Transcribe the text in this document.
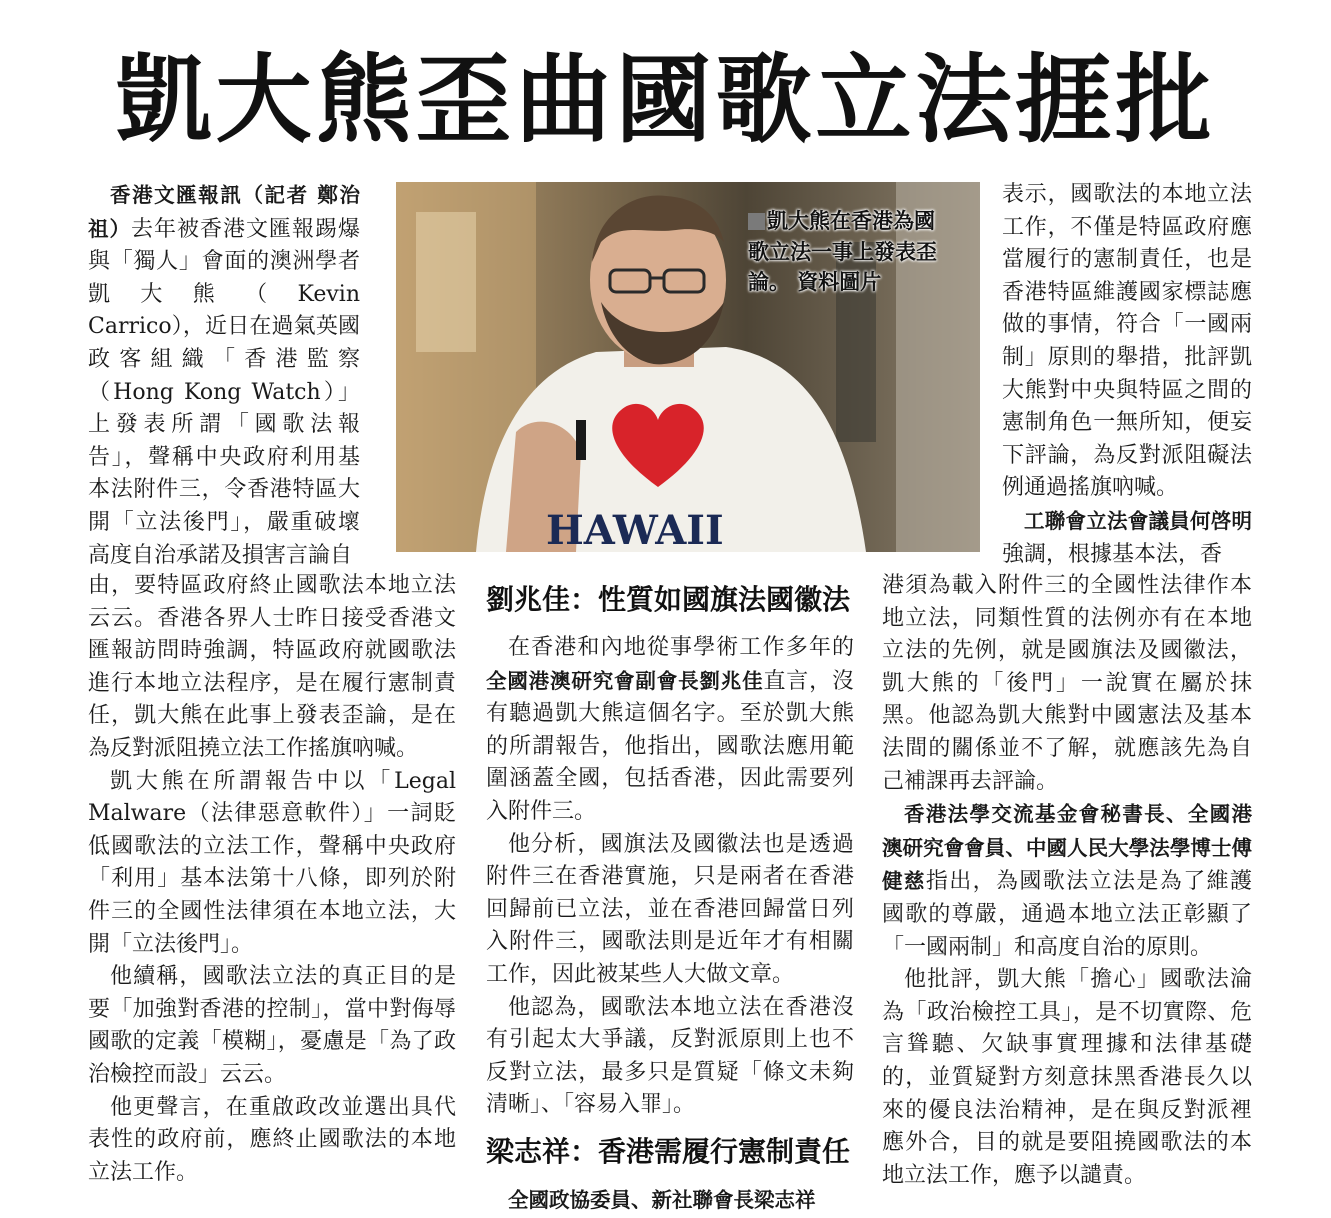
凱大熊歪曲國歌立法捱批
HAWAII
凱大熊在香港為國歌立法一事上發表歪論。 資料圖片

香港文匯報訊（記者 鄭治祖）去年被香港文匯報踢爆與「獨人」會面的澳洲學者凱大熊（Kevin Carrico），近日在過氣英國政客組織「香港監察（Hong Kong Watch）」上發表所謂「國歌法報告」，聲稱中央政府利用基本法附件三，令香港特區大開「立法後門」，嚴重破壞高度自治承諾及損害言論自

由，要特區政府終止國歌法本地立法云云。香港各界人士昨日接受香港文匯報訪問時強調，特區政府就國歌法進行本地立法程序，是在履行憲制責任，凱大熊在此事上發表歪論，是在為反對派阻撓立法工作搖旗吶喊。

凱大熊在所謂報告中以「Legal Malware（法律惡意軟件）」一詞貶低國歌法的立法工作，聲稱中央政府「利用」基本法第十八條，即列於附件三的全國性法律須在本地立法，大開「立法後門」。

他續稱，國歌法立法的真正目的是要「加強對香港的控制」，當中對侮辱國歌的定義「模糊」，憂慮是「為了政治檢控而設」云云。

他更聲言，在重啟政改並選出具代表性的政府前，應終止國歌法的本地立法工作。

劉兆佳：性質如國旗法國徽法

在香港和內地從事學術工作多年的全國港澳研究會副會長劉兆佳直言，沒有聽過凱大熊這個名字。至於凱大熊的所謂報告，他指出，國歌法應用範圍涵蓋全國，包括香港，因此需要列入附件三。

他分析，國旗法及國徽法也是透過附件三在香港實施，只是兩者在香港回歸前已立法，並在香港回歸當日列入附件三，國歌法則是近年才有相關工作，因此被某些人大做文章。

他認為，國歌法本地立法在香港沒有引起太大爭議，反對派原則上也不反對立法，最多只是質疑「條文未夠清晰」、「容易入罪」。

梁志祥：香港需履行憲制責任
全國政協委員、新社聯會長梁志祥

表示，國歌法的本地立法工作，不僅是特區政府應當履行的憲制責任，也是香港特區維護國家標誌應做的事情，符合「一國兩制」原則的舉措，批評凱大熊對中央與特區之間的憲制角色一無所知，便妄下評論，為反對派阻礙法例通過搖旗吶喊。

工聯會立法會議員何啓明強調，根據基本法，香

港須為載入附件三的全國性法律作本地立法，同類性質的法例亦有在本地立法的先例，就是國旗法及國徽法，凱大熊的「後門」一說實在屬於抹黑。他認為凱大熊對中國憲法及基本法間的關係並不了解，就應該先為自己補課再去評論。

香港法學交流基金會秘書長、全國港澳研究會會員、中國人民大學法學博士傅健慈指出，為國歌法立法是為了維護國歌的尊嚴，通過本地立法正彰顯了「一國兩制」和高度自治的原則。

他批評，凱大熊「擔心」國歌法淪為「政治檢控工具」，是不切實際、危言聳聽、欠缺事實理據和法律基礎的，並質疑對方刻意抹黑香港長久以來的優良法治精神，是在與反對派裡應外合，目的就是要阻撓國歌法的本地立法工作，應予以譴責。
